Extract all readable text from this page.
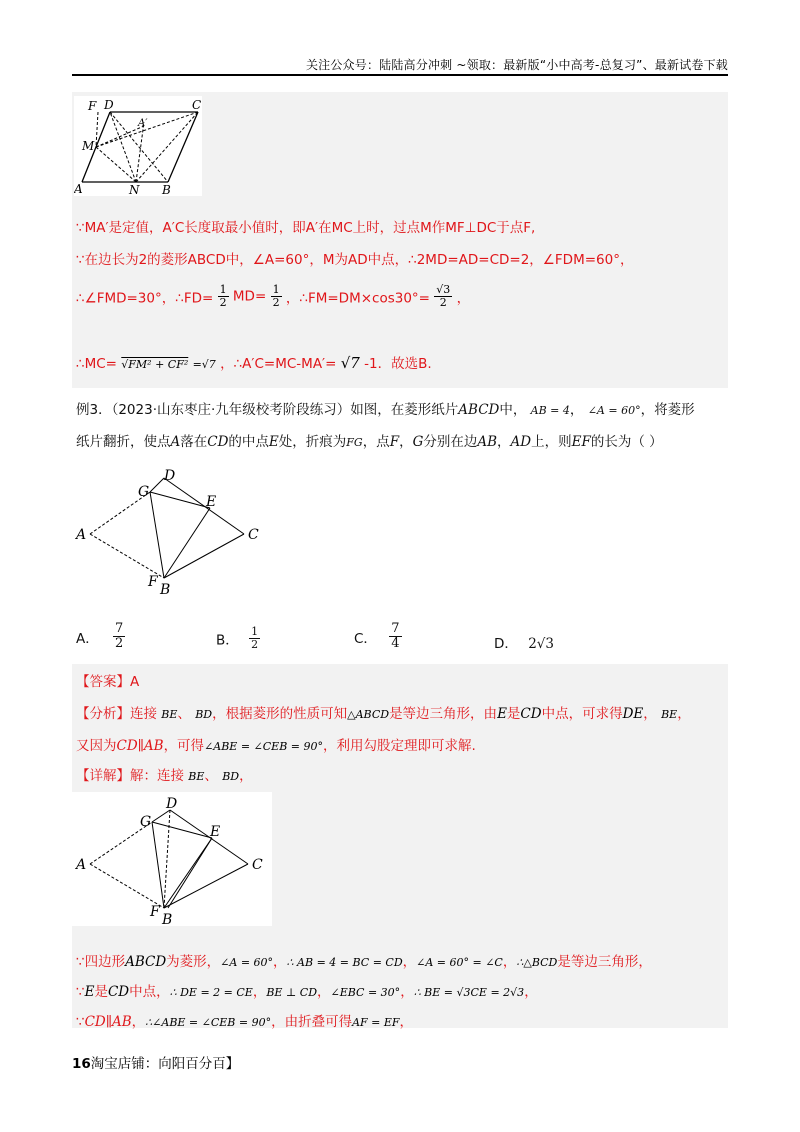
关注公众号：陆陆高分冲刺 ~领取：最新版“小中高考-总复习”、最新试卷下载
F D	C
A′
M
A	N B
∵MA′是定值，A′C长度取最小值时，即A′在MC上时，过点M作MF⊥DC于点F,
∵在边长为2的菱形ABCD中，∠A=60°，M为AD中点，∴2MD=AD=CD=2，∠FDM=60°，
∴∠FMD=30°，∴FD= $\frac{1}{2} MD= \frac{1}{2}$ ，∴FM=DM×cos30°= $\frac{√3}{2}$ ，
∴MC= √FM² + CF² =√7 ，∴A′C=MC-MA′= √7 -1．故选B.
例3．（2023·山东枣庄·九年级校考阶段练习）如图，在菱形纸片ABCD中， AB = 4， ∠A = 60°，将菱形
纸片翻折，使点A落在CD的中点E处，折痕为FG，点F，G分别在边AB，AD上，则EF的长为（ ）
D
G
E
A	C
F B
A． $\frac{7}{2}$	B． $\frac{1}{2}$	C． $\frac{7}{4}$	D． 2√3
【答案】A
【分析】连接 BE、 BD，根据菱形的性质可知△ABCD是等边三角形，由E是CD中点，可求得DE， BE，
又因为CD∥AB，可得∠ABE = ∠CEB = 90°，利用勾股定理即可求解.
【详解】解：连接 BE、 BD，
D
G
E
A	C
F B
∵四边形ABCD为菱形，∠A = 60°，∴ AB = 4 = BC = CD，∠A = 60° = ∠C，∴△BCD是等边三角形，
∵E是CD中点，∴ DE = 2 = CE，BE ⊥ CD，∠EBC = 30°，∴ BE = √3CE = 2√3，
∵CD∥AB，∴∠ABE = ∠CEB = 90°，由折叠可得AF = EF，
16淘宝店铺：向阳百分百】
